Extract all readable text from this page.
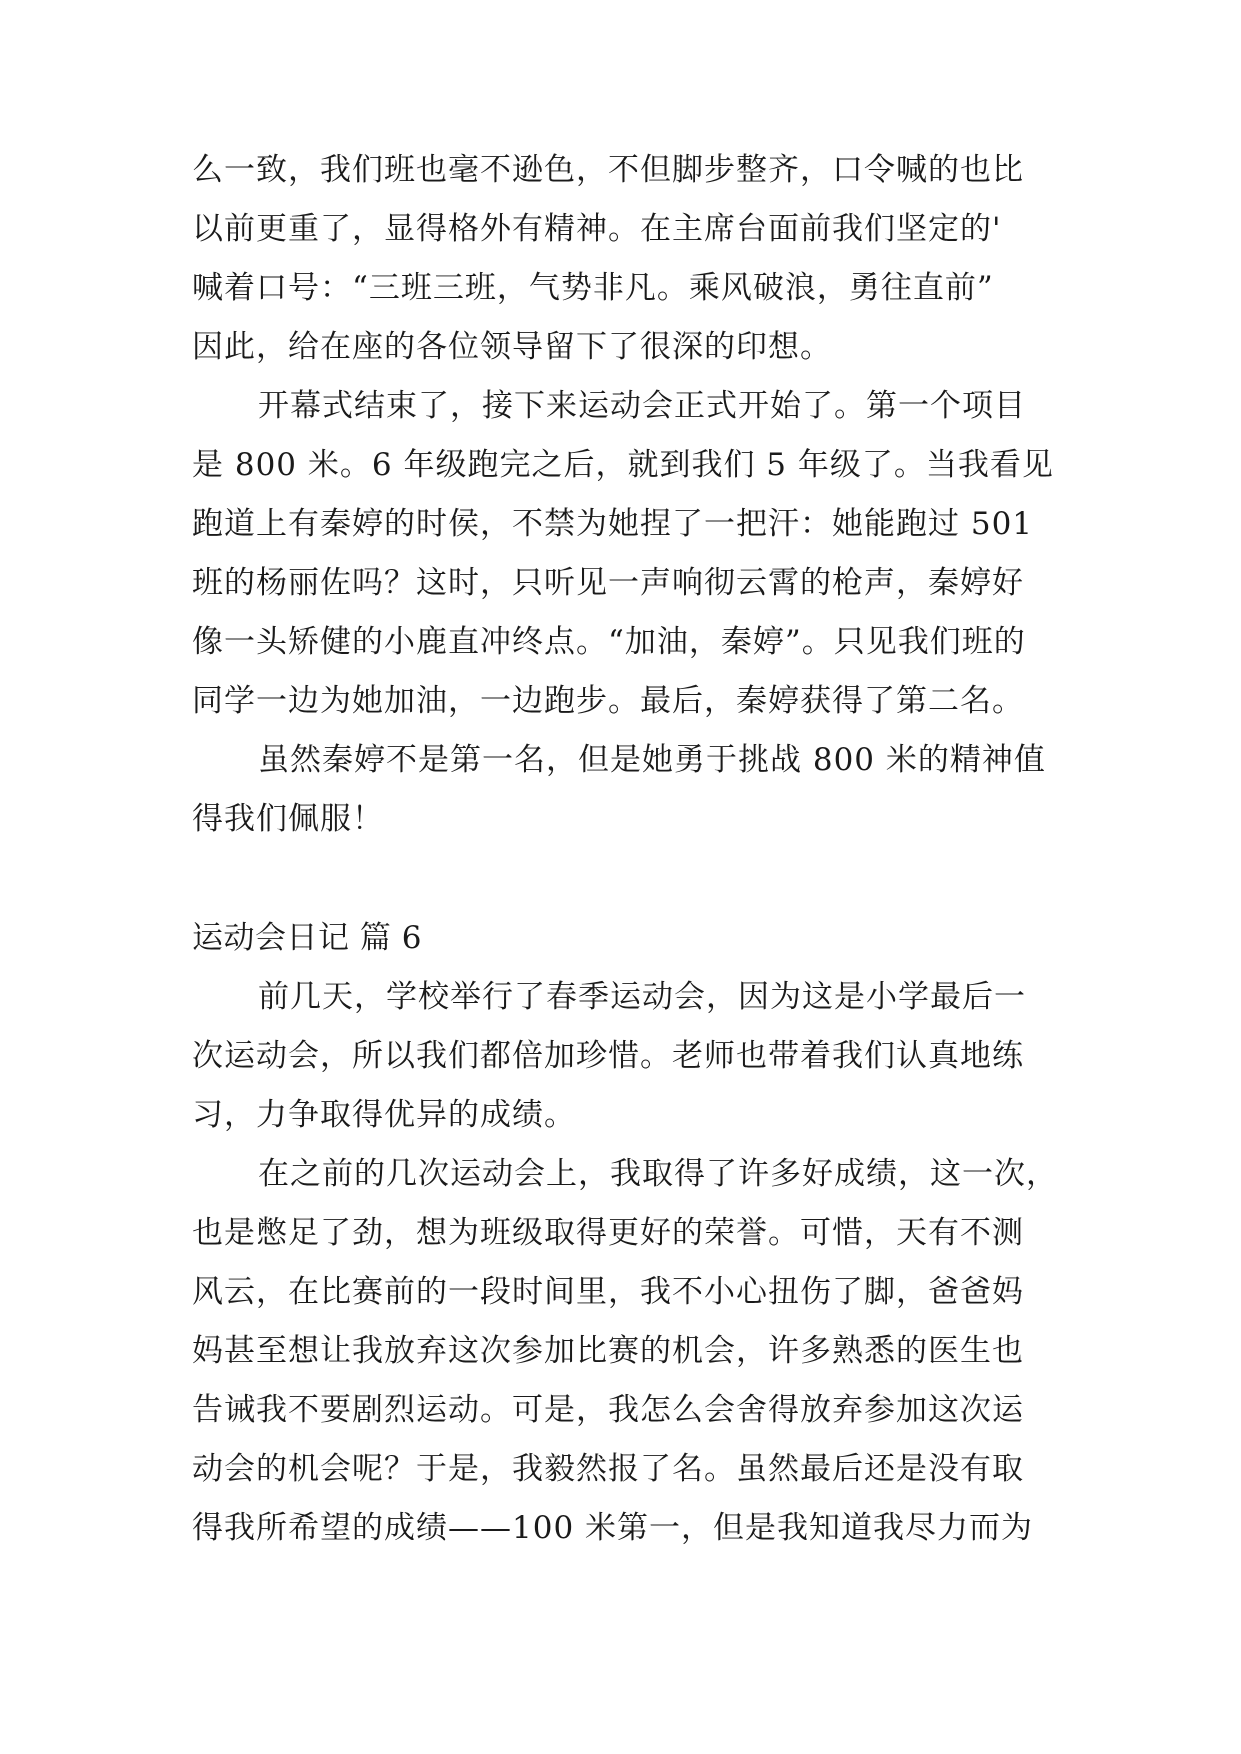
么一致，我们班也毫不逊色，不但脚步整齐，口令喊的也比
以前更重了，显得格外有精神。在主席台面前我们坚定的'
喊着口号：“三班三班，气势非凡。乘风破浪，勇往直前”
因此，给在座的各位领导留下了很深的印想。
开幕式结束了，接下来运动会正式开始了。第一个项目
是 800 米。6 年级跑完之后，就到我们 5 年级了。当我看见
跑道上有秦婷的时侯，不禁为她捏了一把汗：她能跑过 501
班的杨丽佐吗？这时，只听见一声响彻云霄的枪声，秦婷好
像一头矫健的小鹿直冲终点。“加油，秦婷”。只见我们班的
同学一边为她加油，一边跑步。最后，秦婷获得了第二名。
虽然秦婷不是第一名，但是她勇于挑战 800 米的精神值
得我们佩服！
运动会日记 篇 6
前几天，学校举行了春季运动会，因为这是小学最后一
次运动会，所以我们都倍加珍惜。老师也带着我们认真地练
习，力争取得优异的成绩。
在之前的几次运动会上，我取得了许多好成绩，这一次，
也是憋足了劲，想为班级取得更好的荣誉。可惜，天有不测
风云，在比赛前的一段时间里，我不小心扭伤了脚，爸爸妈
妈甚至想让我放弃这次参加比赛的机会，许多熟悉的医生也
告诫我不要剧烈运动。可是，我怎么会舍得放弃参加这次运
动会的机会呢？于是，我毅然报了名。虽然最后还是没有取
得我所希望的成绩——100 米第一，但是我知道我尽力而为
